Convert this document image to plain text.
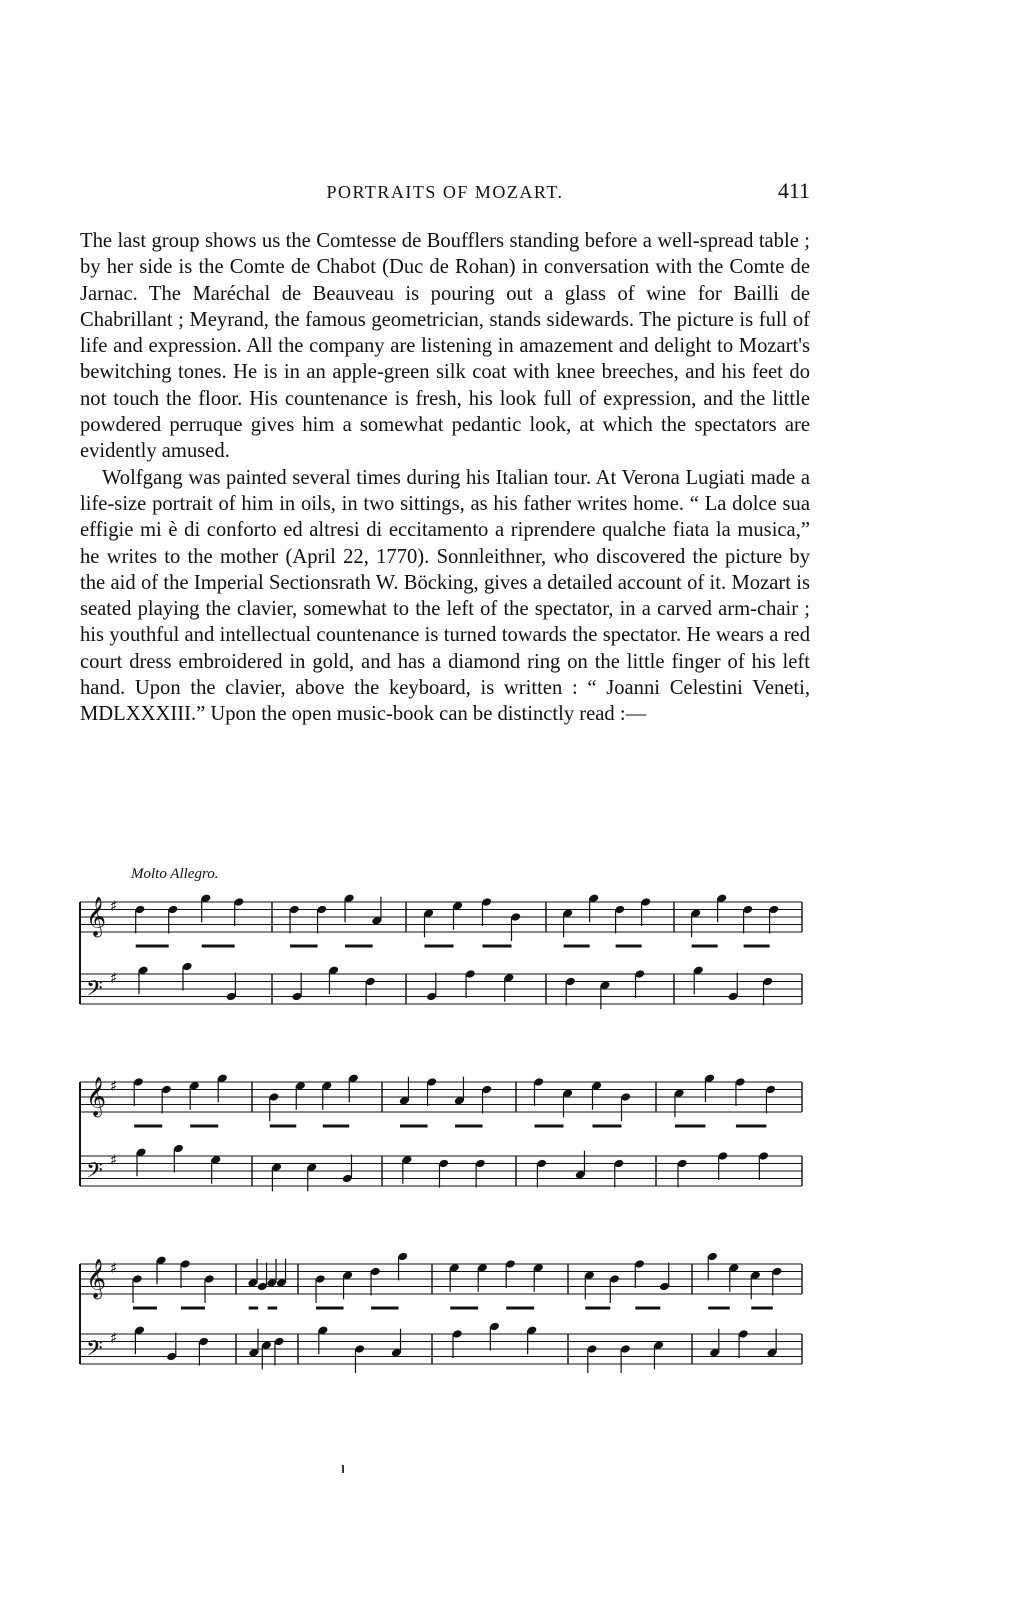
PORTRAITS OF MOZART.	411

The last group shows us the Comtesse de Boufflers standing before a well-spread table ; by her side is the Comte de Chabot (Duc de Rohan) in conversation with the Comte de Jarnac. The Maréchal de Beauveau is pouring out a glass of wine for Bailli de Chabrillant ; Meyrand, the famous geometrician, stands sidewards. The picture is full of life and expression. All the company are listening in amazement and delight to Mozart's bewitching tones. He is in an apple-green silk coat with knee breeches, and his feet do not touch the floor. His countenance is fresh, his look full of expression, and the little powdered perruque gives him a somewhat pedantic look, at which the spectators are evidently amused.

Wolfgang was painted several times during his Italian tour. At Verona Lugiati made a life-size portrait of him in oils, in two sittings, as his father writes home. “ La dolce sua effigie mi è di conforto ed altresi di eccitamento a riprendere qualche fiata la musica,” he writes to the mother (April 22, 1770). Sonnleithner, who discovered the picture by the aid of the Imperial Sectionsrath W. Böcking, gives a detailed account of it. Mozart is seated playing the clavier, somewhat to the left of the spectator, in a carved arm-chair ; his youthful and intellectual countenance is turned towards the spectator. He wears a red court dress embroidered in gold, and has a diamond ring on the little finger of his left hand. Upon the clavier, above the keyboard, is written : “ Joanni Celestini Veneti, MDLXXXIII.” Upon the open music-book can be distinctly read :—

Molto Allegro.
𝄞 ♯
𝄢 ♯
𝄞 ♯
𝄢 ♯
𝄞 ♯
𝄢 ♯
